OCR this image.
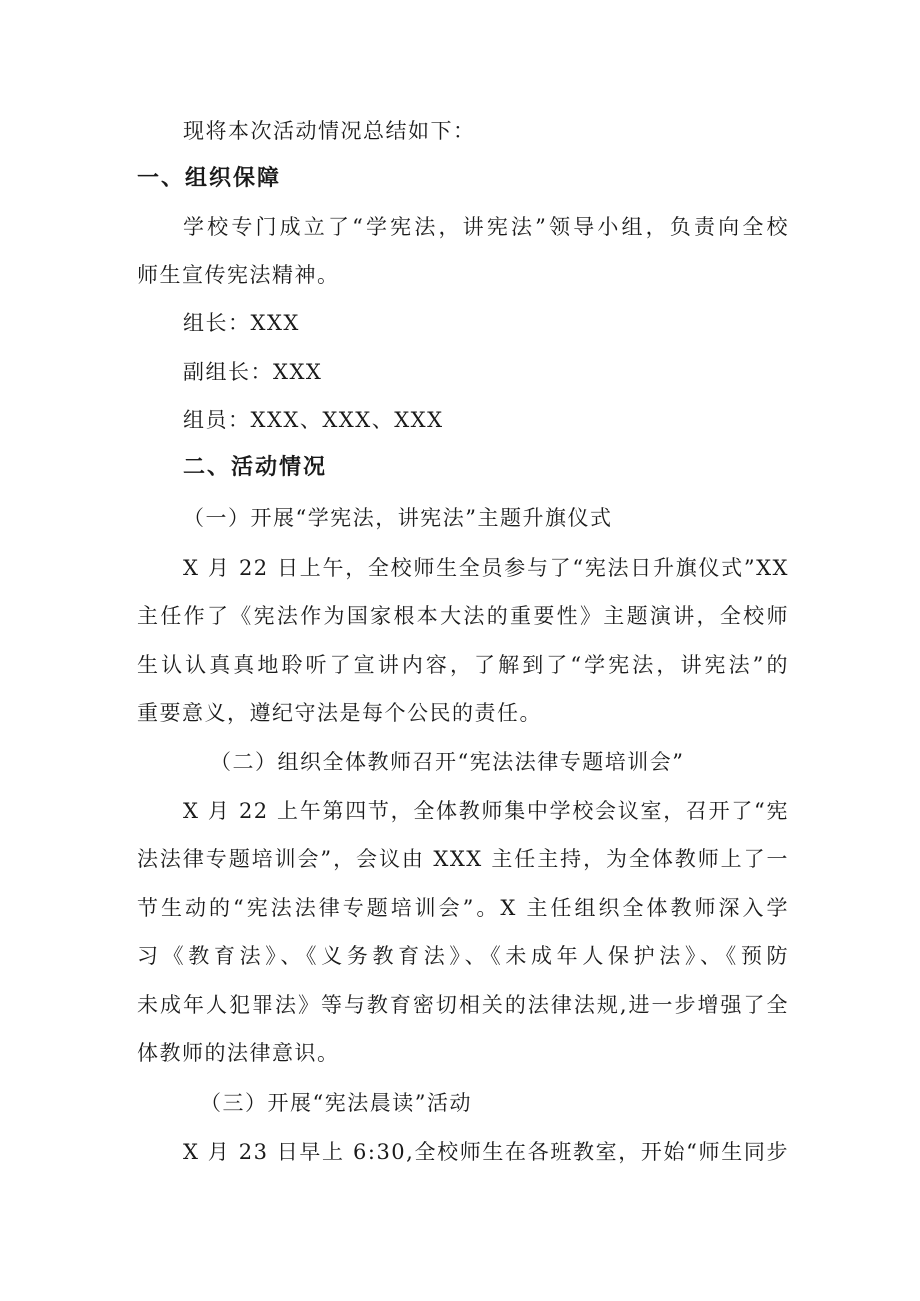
现将本次活动情况总结如下：
一、组织保障
学校专门成立了“学宪法，讲宪法”领导小组，负责向全校
师生宣传宪法精神。
组长：XXX
副组长：XXX
组员：XXX、XXX、XXX
二、活动情况
（一）开展“学宪法，讲宪法”主题升旗仪式
X 月 22 日上午，全校师生全员参与了“宪法日升旗仪式”XX
主任作了《宪法作为国家根本大法的重要性》主题演讲，全校师
生认认真真地聆听了宣讲内容，了解到了“学宪法，讲宪法”的
重要意义，遵纪守法是每个公民的责任。
（二）组织全体教师召开“宪法法律专题培训会”
X 月 22 上午第四节，全体教师集中学校会议室，召开了“宪
法法律专题培训会”，会议由 XXX 主任主持，为全体教师上了一
节生动的“宪法法律专题培训会”。X 主任组织全体教师深入学
习《教育法》、《义务教育法》、《未成年人保护法》、《预防
未成年人犯罪法》等与教育密切相关的法律法规,进一步增强了全
体教师的法律意识。
（三）开展“宪法晨读”活动
X 月 23 日早上 6:30,全校师生在各班教室，开始“师生同步
